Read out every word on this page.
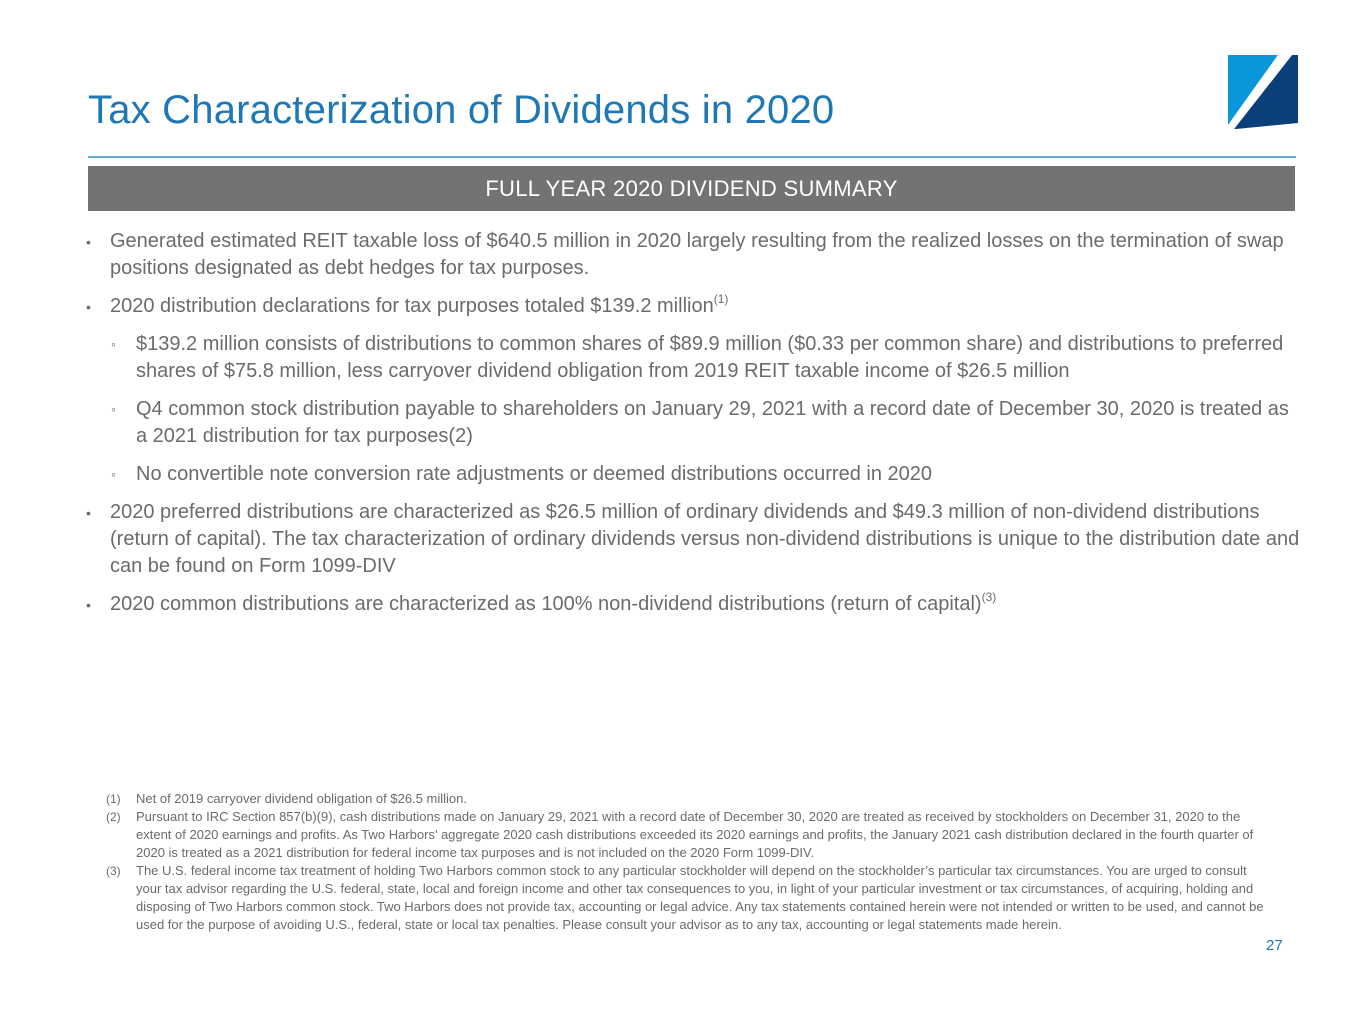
Tax Characterization of Dividends in 2020
FULL YEAR 2020 DIVIDEND SUMMARY
• Generated estimated REIT taxable loss of $640.5 million in 2020 largely resulting from the realized losses on the termination of swap positions designated as debt hedges for tax purposes.
• 2020 distribution declarations for tax purposes totaled $139.2 million$^{(1)}$
◦ $139.2 million consists of distributions to common shares of $89.9 million ($0.33 per common share) and distributions to preferred shares of $75.8 million, less carryover dividend obligation from 2019 REIT taxable income of $26.5 million
◦ Q4 common stock distribution payable to shareholders on January 29, 2021 with a record date of December 30, 2020 is treated as a 2021 distribution for tax purposes(2)
◦ No convertible note conversion rate adjustments or deemed distributions occurred in 2020
• 2020 preferred distributions are characterized as $26.5 million of ordinary dividends and $49.3 million of non-dividend distributions (return of capital). The tax characterization of ordinary dividends versus non-dividend distributions is unique to the distribution date and can be found on Form 1099-DIV
• 2020 common distributions are characterized as 100% non-dividend distributions (return of capital)$^{(3)}$
(1) Net of 2019 carryover dividend obligation of $26.5 million.
(2) Pursuant to IRC Section 857(b)(9), cash distributions made on January 29, 2021 with a record date of December 30, 2020 are treated as received by stockholders on December 31, 2020 to the extent of 2020 earnings and profits. As Two Harbors’ aggregate 2020 cash distributions exceeded its 2020 earnings and profits, the January 2021 cash distribution declared in the fourth quarter of 2020 is treated as a 2021 distribution for federal income tax purposes and is not included on the 2020 Form 1099-DIV.
(3) The U.S. federal income tax treatment of holding Two Harbors common stock to any particular stockholder will depend on the stockholder’s particular tax circumstances. You are urged to consult your tax advisor regarding the U.S. federal, state, local and foreign income and other tax consequences to you, in light of your particular investment or tax circumstances, of acquiring, holding and disposing of Two Harbors common stock. Two Harbors does not provide tax, accounting or legal advice. Any tax statements contained herein were not intended or written to be used, and cannot be used for the purpose of avoiding U.S., federal, state or local tax penalties. Please consult your advisor as to any tax, accounting or legal statements made herein.
27
